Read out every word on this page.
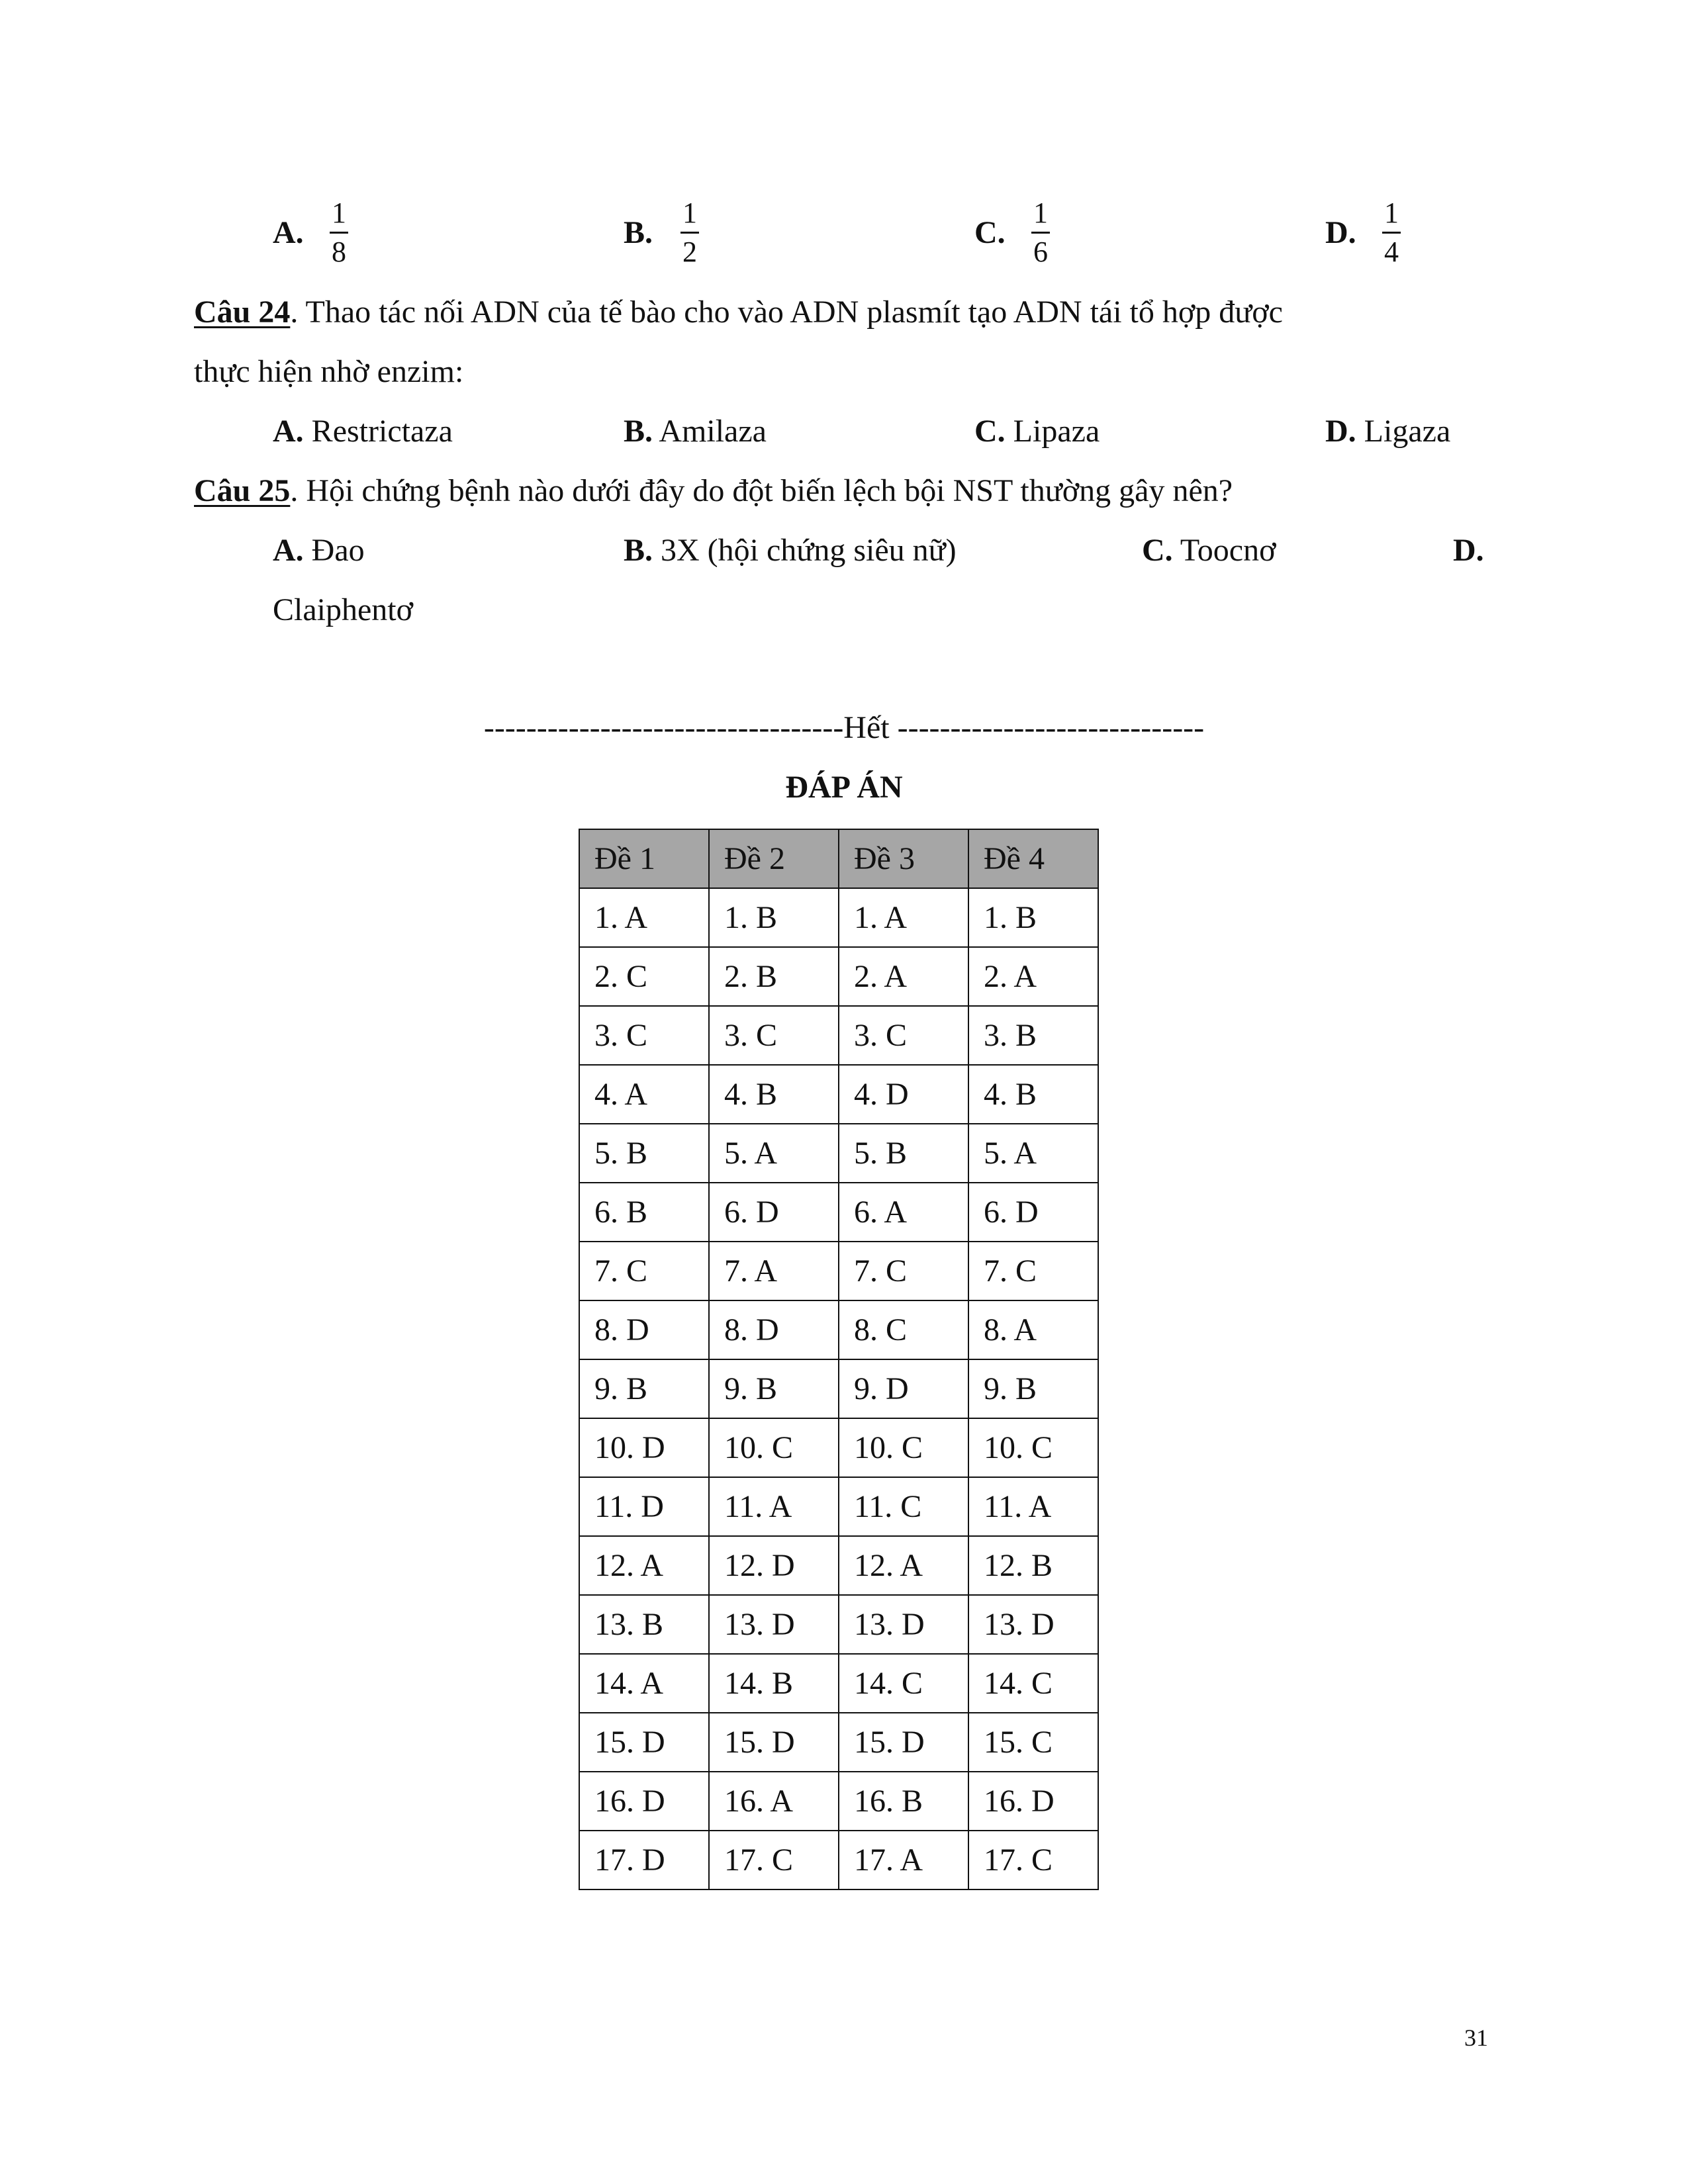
A.
1
8
B.
1
2
C.
1
6
D.
1
4
Câu 24. Thao tác nối ADN của tế bào cho vào ADN plasmít tạo ADN tái tổ hợp được
thực hiện nhờ enzim:
A. Restrictaza	B. Amilaza	C. Lipaza	D. Ligaza
Câu 25. Hội chứng bệnh nào dưới đây do đột biến lệch bội NST thường gây nên?
A. Đao	B. 3X (hội chứng siêu nữ)	C. Toocnơ	D.
Claiphentơ
----------------------------------Hết -----------------------------
ĐÁP ÁN
Đề 1	Đề 2	Đề 3	Đề 4
1. A	1. B	1. A	1. B
2. C	2. B	2. A	2. A
3. C	3. C	3. C	3. B
4. A	4. B	4. D	4. B
5. B	5. A	5. B	5. A
6. B	6. D	6. A	6. D
7. C	7. A	7. C	7. C
8. D	8. D	8. C	8. A
9. B	9. B	9. D	9. B
10. D	10. C	10. C	10. C
11. D	11. A	11. C	11. A
12. A	12. D	12. A	12. B
13. B	13. D	13. D	13. D
14. A	14. B	14. C	14. C
15. D	15. D	15. D	15. C
16. D	16. A	16. B	16. D
17. D	17. C	17. A	17. C
31
